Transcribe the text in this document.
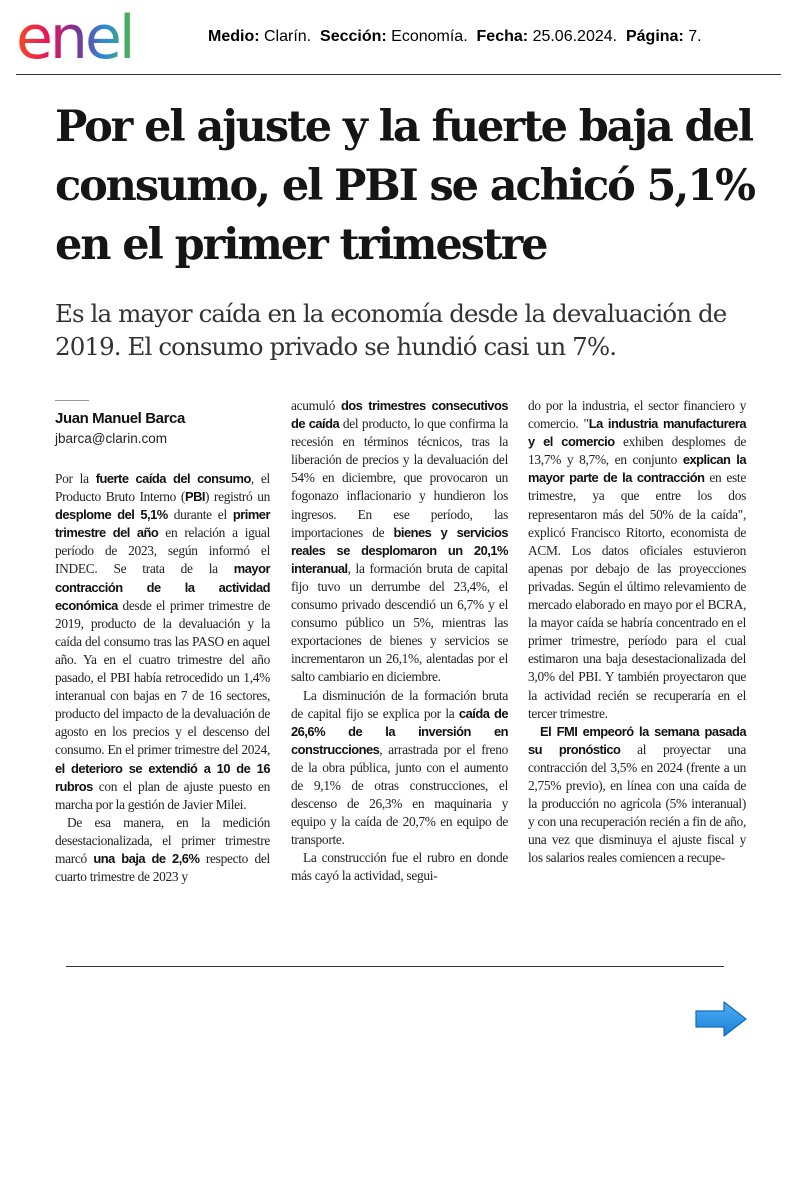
enel	Medio: Clarín. Sección: Economía. Fecha: 25.06.2024. Página: 7.
Por el ajuste y la fuerte baja del consumo, el PBI se achicó 5,1% en el primer trimestre

Es la mayor caída en la economía desde la devaluación de 2019. El consumo privado se hundió casi un 7%.

Juan Manuel Barca
jbarca@clarin.com

Por la fuerte caída del consumo, el Producto Bruto Interno (PBI) registró un desplome del 5,1% durante el primer trimestre del año en relación a igual período de 2023, según informó el INDEC. Se trata de la mayor contracción de la actividad económica desde el primer trimestre de 2019, producto de la devaluación y la caída del consumo tras las PASO en aquel año. Ya en el cuatro trimestre del año pasado, el PBI había retrocedido un 1,4% interanual con bajas en 7 de 16 sectores, producto del impacto de la devaluación de agosto en los precios y el descenso del consumo. En el primer trimestre del 2024, el deterioro se extendió a 10 de 16 rubros con el plan de ajuste puesto en marcha por la gestión de Javier Milei.

De esa manera, en la medición desestacionalizada, el primer trimestre marcó una baja de 2,6% respecto del cuarto trimestre de 2023 y

acumuló dos trimestres consecutivos de caída del producto, lo que confirma la recesión en términos técnicos, tras la liberación de precios y la devaluación del 54% en diciembre, que provocaron un fogonazo inflacionario y hundieron los ingresos. En ese período, las importaciones de bienes y servicios reales se desplomaron un 20,1% interanual, la formación bruta de capital fijo tuvo un derrumbe del 23,4%, el consumo privado descendió un 6,7% y el consumo público un 5%, mientras las exportaciones de bienes y servicios se incrementaron un 26,1%, alentadas por el salto cambiario en diciembre.

La disminución de la formación bruta de capital fijo se explica por la caída de 26,6% de la inversión en construcciones, arrastrada por el freno de la obra pública, junto con el aumento de 9,1% de otras construcciones, el descenso de 26,3% en maquinaria y equipo y la caída de 20,7% en equipo de transporte.

La construcción fue el rubro en donde más cayó la actividad, segui-

do por la industria, el sector financiero y comercio. "La industria manufacturera y el comercio exhiben desplomes de 13,7% y 8,7%, en conjunto explican la mayor parte de la contracción en este trimestre, ya que entre los dos representaron más del 50% de la caída", explicó Francisco Ritorto, economista de ACM. Los datos oficiales estuvieron apenas por debajo de las proyecciones privadas. Según el último relevamiento de mercado elaborado en mayo por el BCRA, la mayor caída se habría concentrado en el primer trimestre, período para el cual estimaron una baja desestacionalizada del 3,0% del PBI. Y también proyectaron que la actividad recién se recuperaría en el tercer trimestre.

El FMI empeoró la semana pasada su pronóstico al proyectar una contracción del 3,5% en 2024 (frente a un 2,75% previo), en línea con una caída de la producción no agrícola (5% interanual) y con una recuperación recién a fin de año, una vez que disminuya el ajuste fiscal y los salarios reales comiencen a recupe-
